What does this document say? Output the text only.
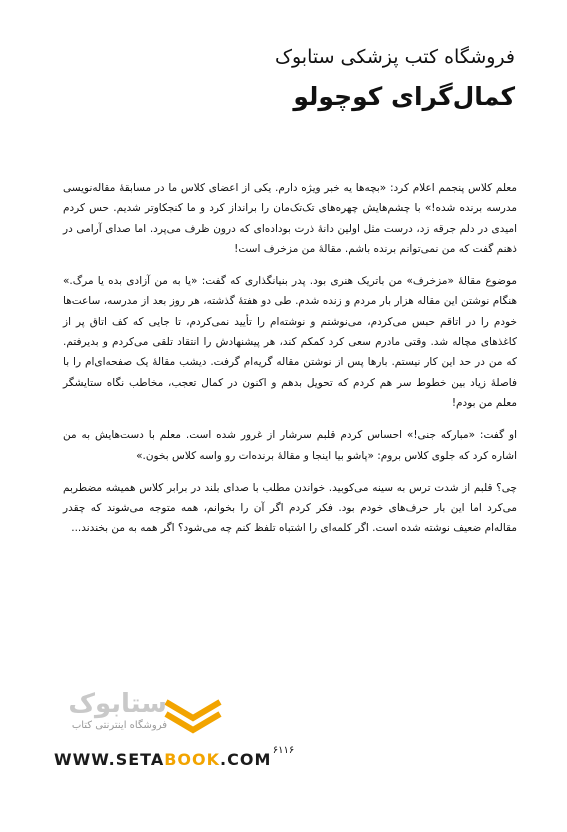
فروشگاه کتب پزشکی ستابوک
کمال‌گرای کوچولو

معلم کلاس پنجمم اعلام کرد: «بچه‌ها یه خبر ویژه دارم. یکی از اعضای کلاس ما در مسابقهٔ مقاله‌نویسی مدرسه برنده شده!» با چشم‌هایش چهره‌های تک‌تک‌مان را برانداز کرد و ما کنجکاوتر شدیم. حس کردم امیدی در دلم جرقه زد، درست مثل اولین دانهٔ ذرت بوداده‌ای که درون ظرف می‌پرد. اما صدای آرامی در ذهنم گفت که من نمی‌توانم برنده باشم. مقالهٔ من مزخرف است!

موضوع مقالهٔ «مزخرف» من باتریک هنری بود. پدر بنیانگذاری که گفت: «یا به من آزادی بده یا مرگ.» هنگام نوشتن این مقاله هزار بار مردم و زنده شدم. طی دو هفتهٔ گذشته، هر روز بعد از مدرسه، ساعت‌ها خودم را در اتاقم حبس می‌کردم، می‌نوشتم و نوشته‌ام را تأیید نمی‌کردم، تا جایی که کف اتاق پر از کاغذهای مچاله شد. وقتی مادرم سعی کرد کمکم کند، هر پیشنهادش را انتقاد تلقی می‌کردم و بدیرفتم. که من در حد این کار نیستم. بارها پس از نوشتن مقاله گریه‌ام گرفت. دیشب مقالهٔ یک صفحه‌ای‌ام را با فاصلهٔ زیاد بین خطوط سر هم کردم که تحویل بدهم و اکنون در کمال تعجب، مخاطب نگاه ستایشگر معلم من بودم!

او گفت: «مبارکه جنی!» احساس کردم قلبم سرشار از غرور شده است. معلم با دست‌هایش به من اشاره کرد که جلوی کلاس بروم: «پاشو بیا اینجا و مقالهٔ برنده‌ات رو واسه کلاس بخون.»

چی؟ قلبم از شدت ترس به سینه می‌کوبید. خواندن مطلب با صدای بلند در برابر کلاس همیشه مضطربم می‌کرد اما این بار حرف‌های خودم بود. فکر کردم اگر آن را بخوانم، همه متوجه می‌شوند که چقدر مقاله‌ام ضعیف نوشته شده است. اگر کلمه‌ای را اشتباه تلفظ کنم چه می‌شود؟ اگر همه به من بخندند...

۶۱۱۶
ستابوک
فروشگاه اینترنتی کتاب
WWW.SETABOOK.COM
